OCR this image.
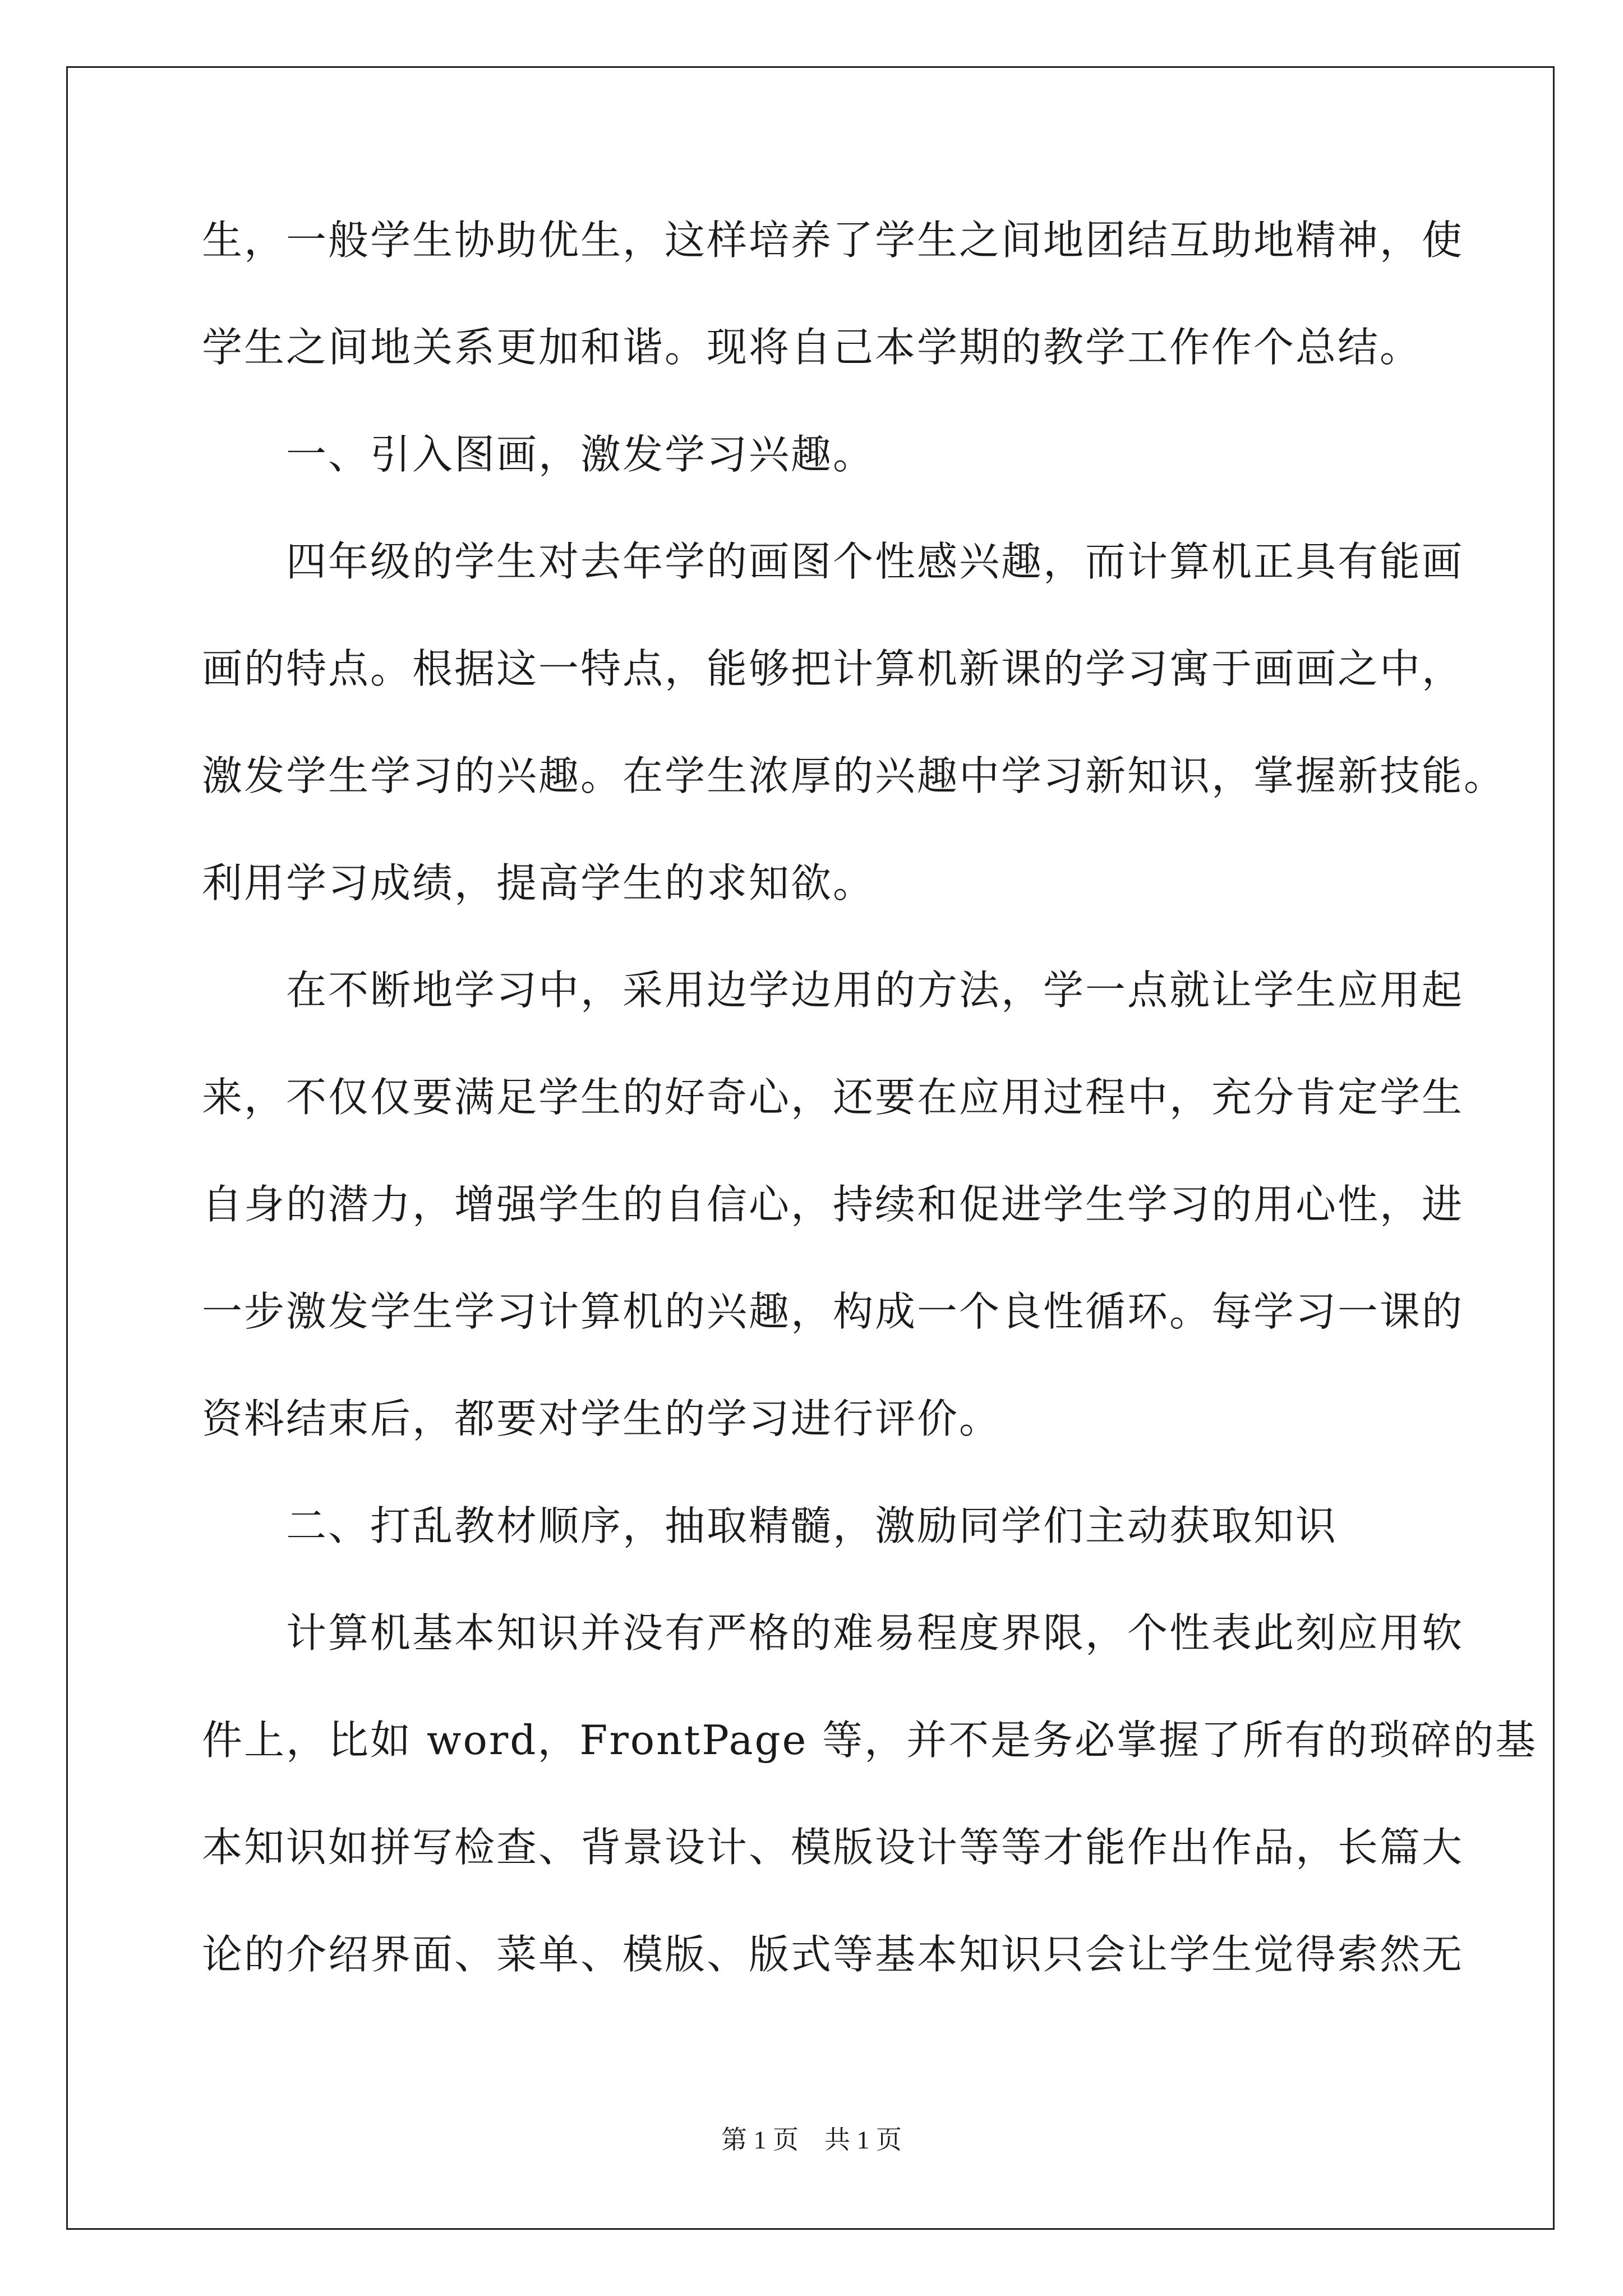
生，一般学生协助优生，这样培养了学生之间地团结互助地精神，使
学生之间地关系更加和谐。现将自己本学期的教学工作作个总结。
一、引入图画，激发学习兴趣。
四年级的学生对去年学的画图个性感兴趣，而计算机正具有能画
画的特点。根据这一特点，能够把计算机新课的学习寓于画画之中，
激发学生学习的兴趣。在学生浓厚的兴趣中学习新知识，掌握新技能。
利用学习成绩，提高学生的求知欲。
在不断地学习中，采用边学边用的方法，学一点就让学生应用起
来，不仅仅要满足学生的好奇心，还要在应用过程中，充分肯定学生
自身的潜力，增强学生的自信心，持续和促进学生学习的用心性，进
一步激发学生学习计算机的兴趣，构成一个良性循环。每学习一课的
资料结束后，都要对学生的学习进行评价。
二、打乱教材顺序，抽取精髓，激励同学们主动获取知识
计算机基本知识并没有严格的难易程度界限，个性表此刻应用软
件上，比如 word，FrontPage 等，并不是务必掌握了所有的琐碎的基
本知识如拼写检查、背景设计、模版设计等等才能作出作品，长篇大
论的介绍界面、菜单、模版、版式等基本知识只会让学生觉得索然无
第 1 页　共 1 页
